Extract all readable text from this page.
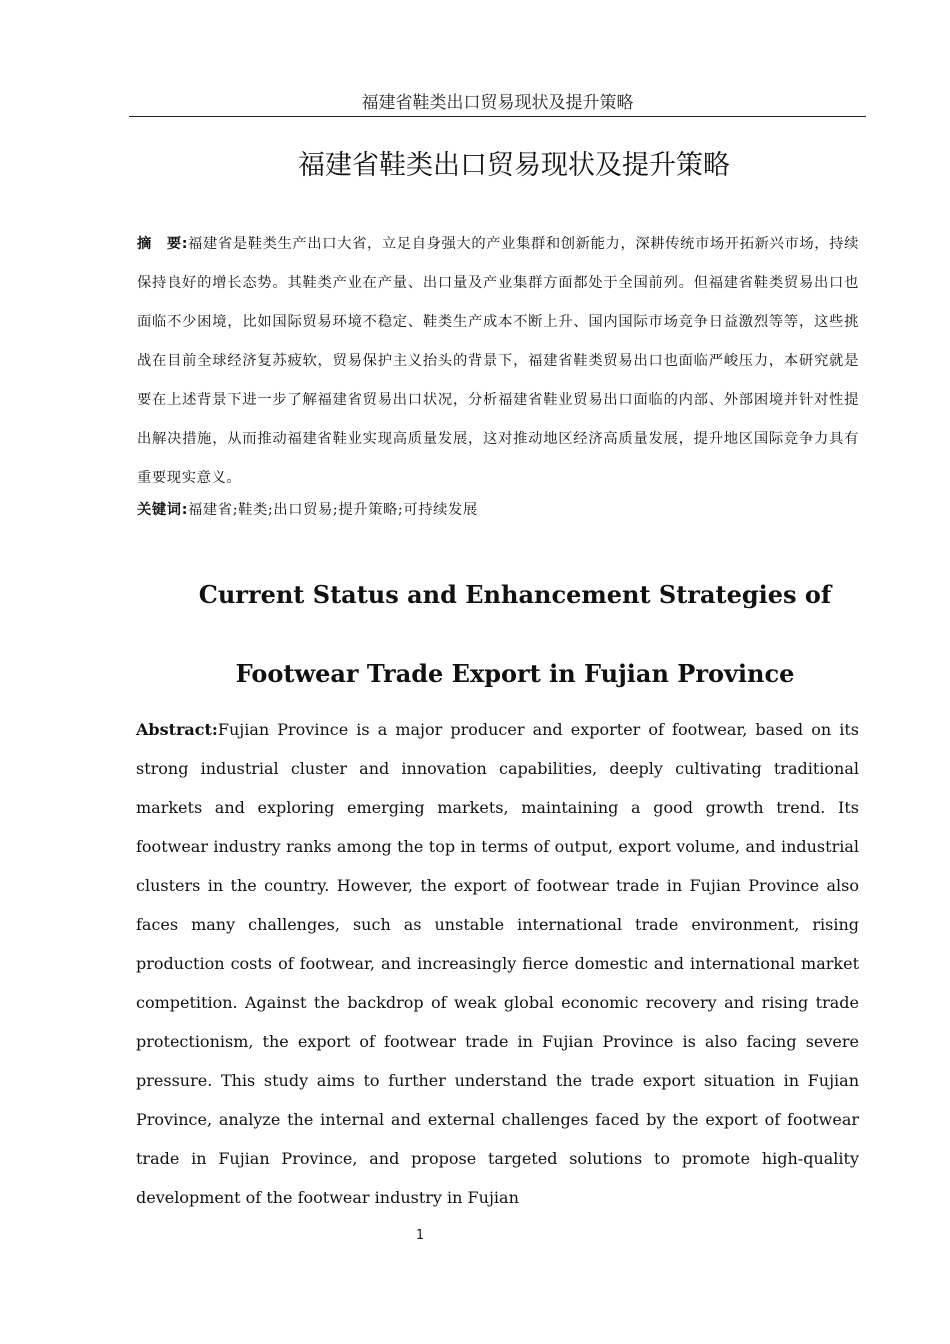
福建省鞋类出口贸易现状及提升策略
福建省鞋类出口贸易现状及提升策略
摘　要:福建省是鞋类生产出口大省，立足自身强大的产业集群和创新能力，深耕传统市场开拓新兴市场，持续保持良好的增长态势。其鞋类产业在产量、出口量及产业集群方面都处于全国前列。但福建省鞋类贸易出口也面临不少困境，比如国际贸易环境不稳定、鞋类生产成本不断上升、国内国际市场竞争日益激烈等等，这些挑战在目前全球经济复苏疲软，贸易保护主义抬头的背景下，福建省鞋类贸易出口也面临严峻压力，本研究就是要在上述背景下进一步了解福建省贸易出口状况，分析福建省鞋业贸易出口面临的内部、外部困境并针对性提出解决措施，从而推动福建省鞋业实现高质量发展，这对推动地区经济高质量发展，提升地区国际竞争力具有重要现实意义。
关键词:福建省;鞋类;出口贸易;提升策略;可持续发展
Current Status and Enhancement Strategies of Footwear Trade Export in Fujian Province
Abstract:Fujian Province is a major producer and exporter of footwear, based on its strong industrial cluster and innovation capabilities, deeply cultivating traditional markets and exploring emerging markets, maintaining a good growth trend. Its footwear industry ranks among the top in terms of output, export volume, and industrial clusters in the country. However, the export of footwear trade in Fujian Province also faces many challenges, such as unstable international trade environment, rising production costs of footwear, and increasingly fierce domestic and international market competition. Against the backdrop of weak global economic recovery and rising trade protectionism, the export of footwear trade in Fujian Province is also facing severe pressure. This study aims to further understand the trade export situation in Fujian Province, analyze the internal and external challenges faced by the export of footwear trade in Fujian Province, and propose targeted solutions to promote high-quality development of the footwear industry in Fujian
1
